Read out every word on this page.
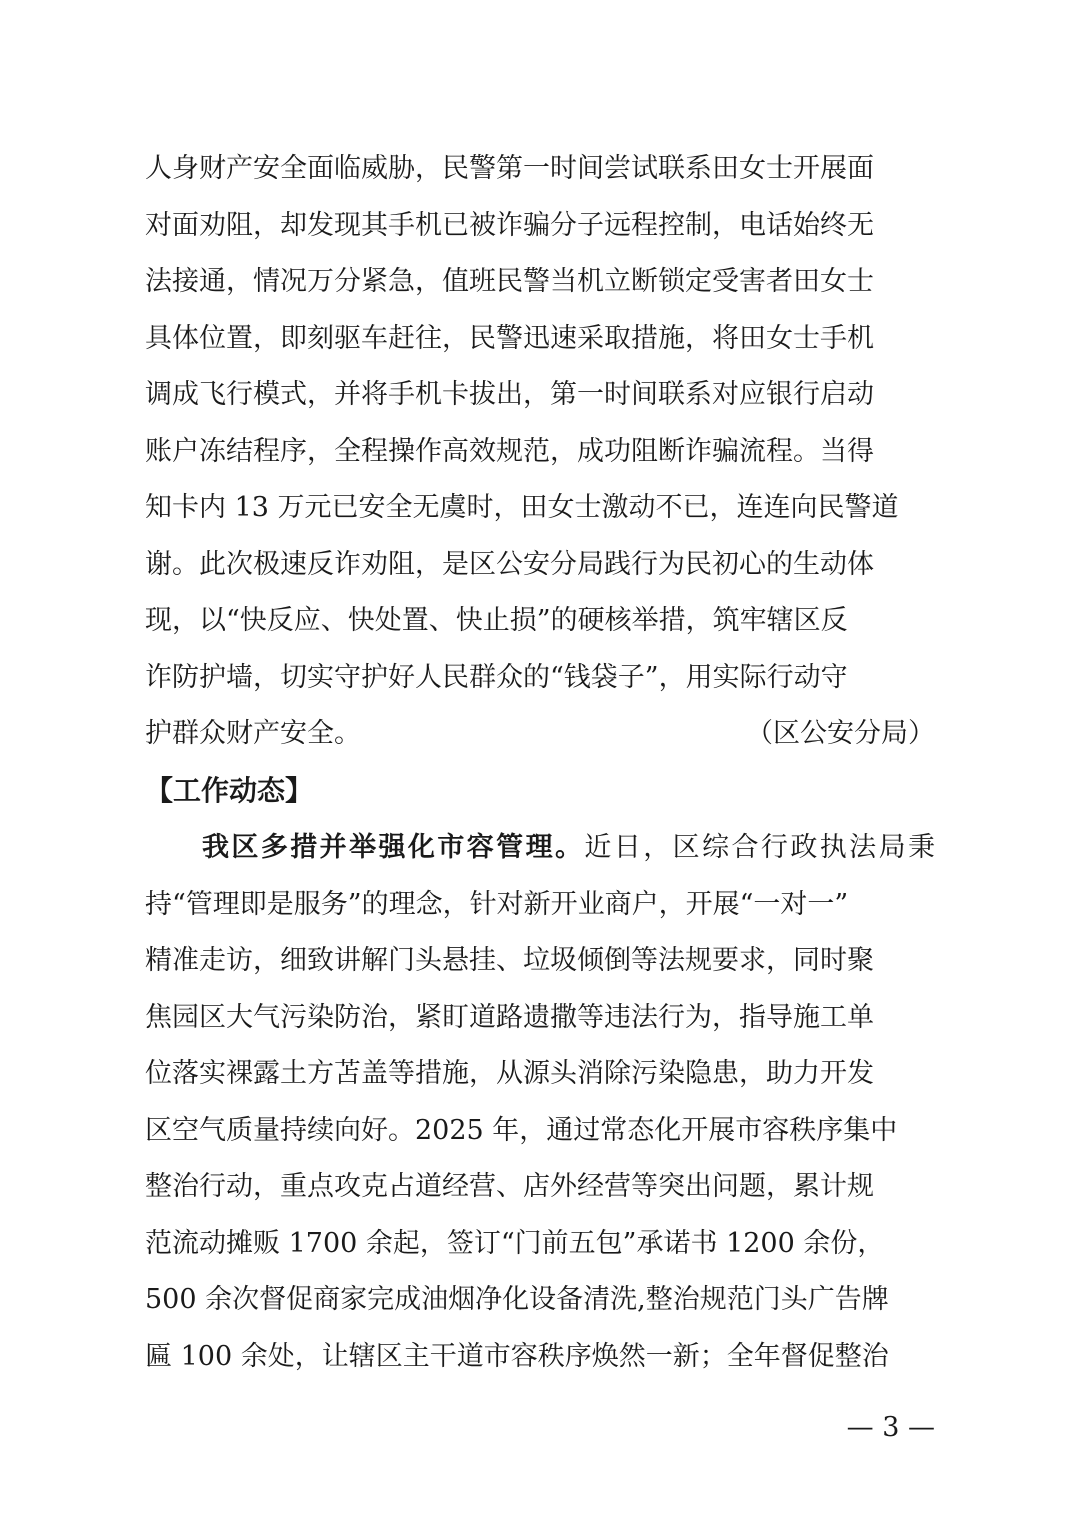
人身财产安全面临威胁，民警第一时间尝试联系田女士开展面
对面劝阻，却发现其手机已被诈骗分子远程控制，电话始终无
法接通，情况万分紧急，值班民警当机立断锁定受害者田女士
具体位置，即刻驱车赶往，民警迅速采取措施，将田女士手机
调成飞行模式，并将手机卡拔出，第一时间联系对应银行启动
账户冻结程序，全程操作高效规范，成功阻断诈骗流程。当得
知卡内 13 万元已安全无虞时，田女士激动不已，连连向民警道
谢。此次极速反诈劝阻，是区公安分局践行为民初心的生动体
现，以“快反应、快处置、快止损”的硬核举措，筑牢辖区反
诈防护墙，切实守护好人民群众的“钱袋子”，用实际行动守
护群众财产安全。	（区公安分局）
【工作动态】
我区多措并举强化市容管理。 近日，区综合行政执法局秉
持“管理即是服务”的理念，针对新开业商户，开展“一对一”
精准走访，细致讲解门头悬挂、垃圾倾倒等法规要求，同时聚
焦园区大气污染防治，紧盯道路遗撒等违法行为，指导施工单
位落实裸露土方苫盖等措施，从源头消除污染隐患，助力开发
区空气质量持续向好。2025 年，通过常态化开展市容秩序集中
整治行动，重点攻克占道经营、店外经营等突出问题，累计规
范流动摊贩 1700 余起，签订“门前五包”承诺书 1200 余份，
500 余次督促商家完成油烟净化设备清洗,整治规范门头广告牌
匾 100 余处，让辖区主干道市容秩序焕然一新；全年督促整治
— 3 —
